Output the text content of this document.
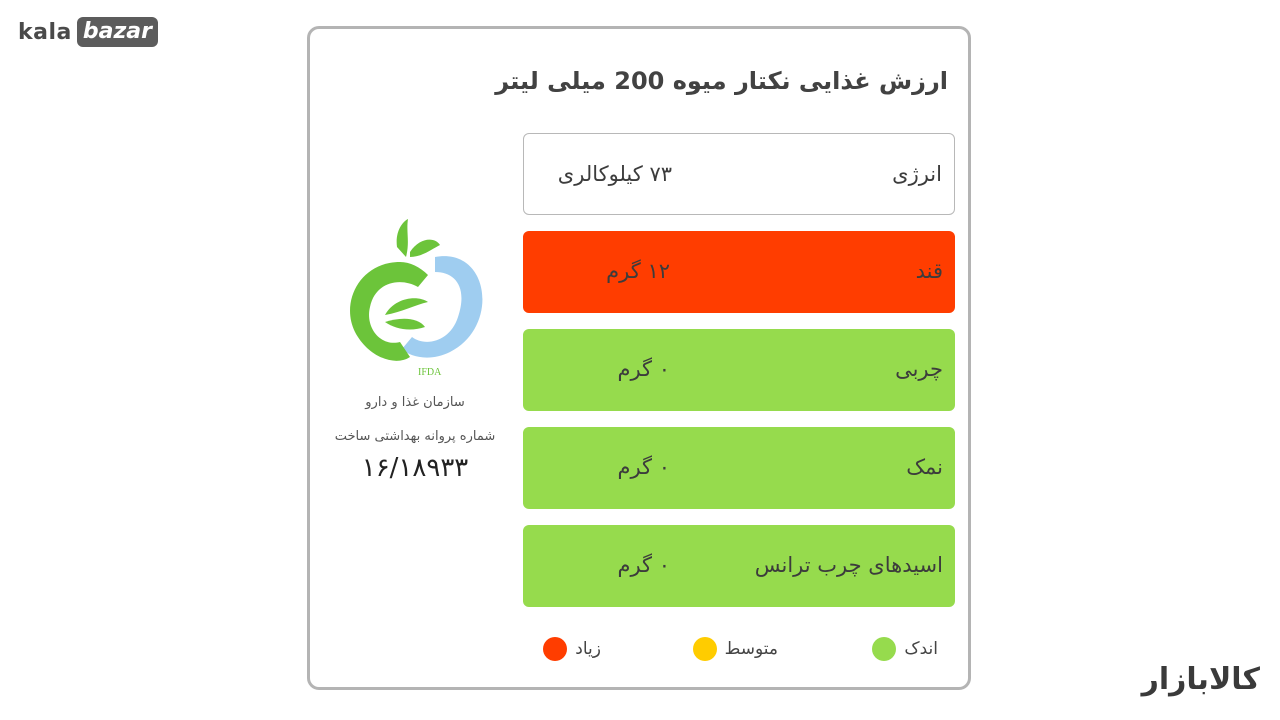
kala bazar
ارزش غذایی نکتار میوه 200 میلی لیتر
IFDA
سازمان غذا و دارو
شماره پروانه بهداشتی ساخت
۱۶/۱۸۹۳۳
انرژی
۷۳ کیلوکالری
قند
۱۲ گرم
چربی
۰ گرم
نمک
۰ گرم
اسیدهای چرب ترانس
۰ گرم
اندک
متوسط
زیاد
کالابازار
